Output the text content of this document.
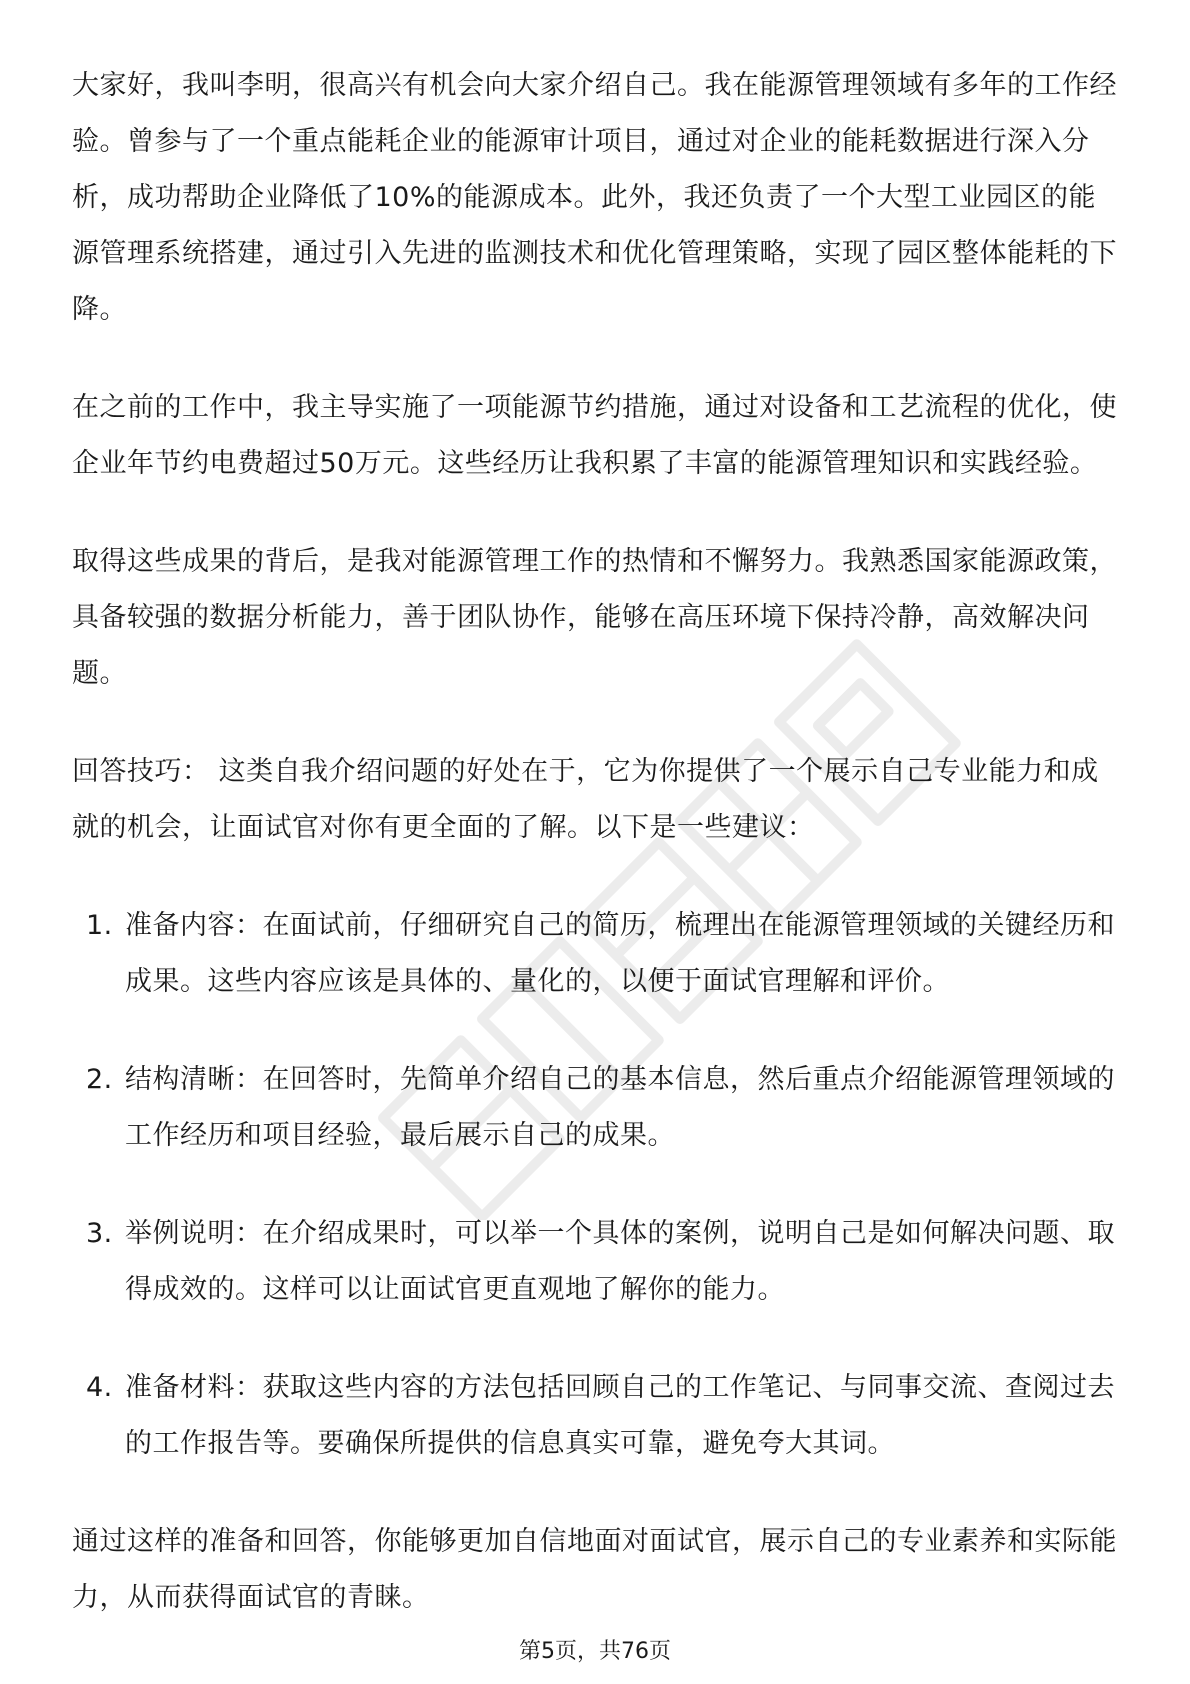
大家好，我叫李明，很高兴有机会向大家介绍自己。我在能源管理领域有多年的工作经验。曾参与了一个重点能耗企业的能源审计项目，通过对企业的能耗数据进行深入分析，成功帮助企业降低了10%的能源成本。此外，我还负责了一个大型工业园区的能源管理系统搭建，通过引入先进的监测技术和优化管理策略，实现了园区整体能耗的下降。

在之前的工作中，我主导实施了一项能源节约措施，通过对设备和工艺流程的优化，使企业年节约电费超过50万元。这些经历让我积累了丰富的能源管理知识和实践经验。

取得这些成果的背后，是我对能源管理工作的热情和不懈努力。我熟悉国家能源政策，具备较强的数据分析能力，善于团队协作，能够在高压环境下保持冷静，高效解决问题。

回答技巧： 这类自我介绍问题的好处在于，它为你提供了一个展示自己专业能力和成就的机会，让面试官对你有更全面的了解。以下是一些建议：

1. 准备内容：在面试前，仔细研究自己的简历，梳理出在能源管理领域的关键经历和成果。这些内容应该是具体的、量化的，以便于面试官理解和评价。
2. 结构清晰：在回答时，先简单介绍自己的基本信息，然后重点介绍能源管理领域的工作经历和项目经验，最后展示自己的成果。
3. 举例说明：在介绍成果时，可以举一个具体的案例，说明自己是如何解决问题、取得成效的。这样可以让面试官更直观地了解你的能力。
4. 准备材料：获取这些内容的方法包括回顾自己的工作笔记、与同事交流、查阅过去的工作报告等。要确保所提供的信息真实可靠，避免夸大其词。

通过这样的准备和回答，你能够更加自信地面对面试官，展示自己的专业素养和实际能力，从而获得面试官的青睐。

第5页，共76页
